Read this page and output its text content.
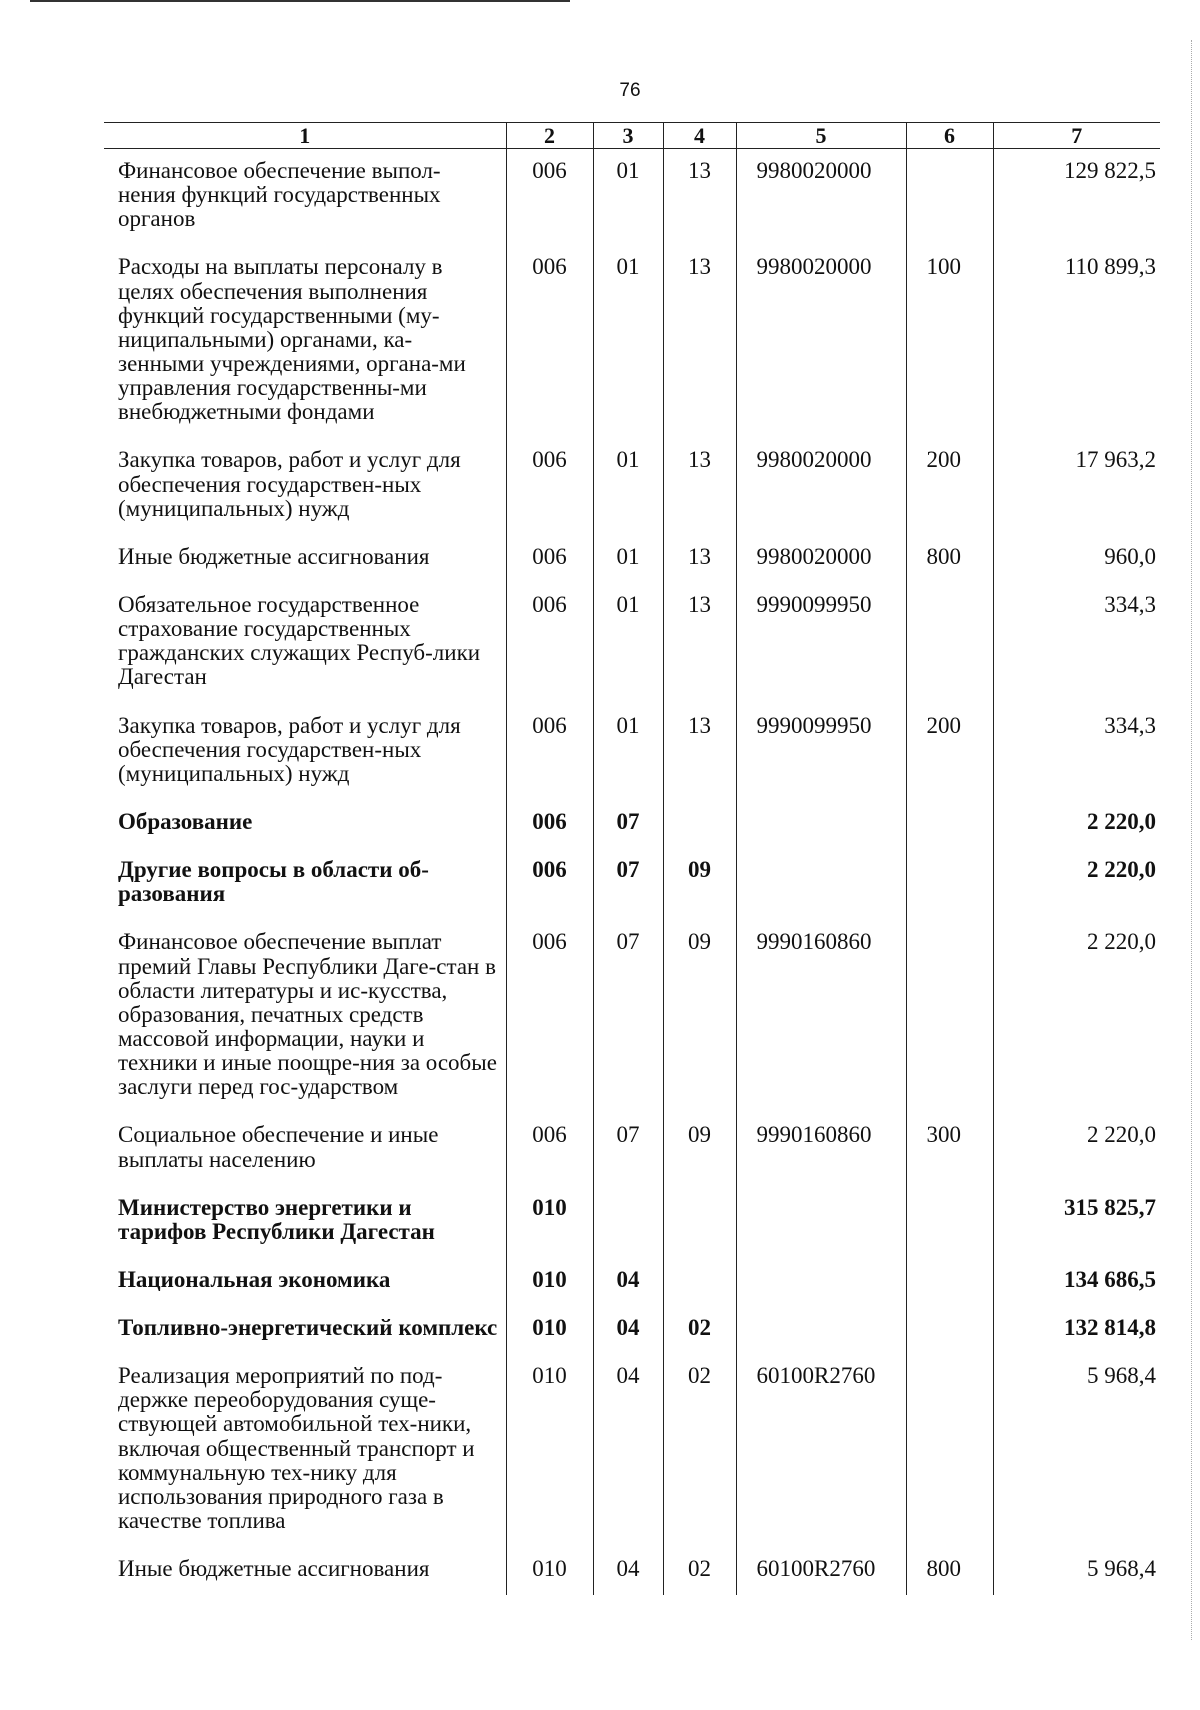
76
1	2	3	4	5	6	7
Финансовое обеспечение выпол-нения функций государственных органов	006	01	13	9980020000		129 822,5
Расходы на выплаты персоналу в целях обеспечения выполнения функций государственными (му-ниципальными) органами, ка-зенными учреждениями, органа-ми управления государственны-ми внебюджетными фондами	006	01	13	9980020000	100	110 899,3
Закупка товаров, работ и услуг для обеспечения государствен-ных (муниципальных) нужд	006	01	13	9980020000	200	17 963,2
Иные бюджетные ассигнования	006	01	13	9980020000	800	960,0
Обязательное государственное страхование государственных гражданских служащих Респуб-лики Дагестан	006	01	13	9990099950		334,3
Закупка товаров, работ и услуг для обеспечения государствен-ных (муниципальных) нужд	006	01	13	9990099950	200	334,3
Образование	006	07				2 220,0
Другие вопросы в области об-разования	006	07	09			2 220,0
Финансовое обеспечение выплат премий Главы Республики Даге-стан в области литературы и ис-кусства, образования, печатных средств массовой информации, науки и техники и иные поощре-ния за особые заслуги перед гос-ударством	006	07	09	9990160860		2 220,0
Социальное обеспечение и иные выплаты населению	006	07	09	9990160860	300	2 220,0
Министерство энергетики и тарифов Республики Дагестан	010					315 825,7
Национальная экономика	010	04				134 686,5
Топливно-энергетический комплекс	010	04	02			132 814,8
Реализация мероприятий по под-держке переоборудования суще-ствующей автомобильной тех-ники, включая общественный транспорт и коммунальную тех-нику для использования природного газа в качестве топлива	010	04	02	60100R2760		5 968,4
Иные бюджетные ассигнования	010	04	02	60100R2760	800	5 968,4
